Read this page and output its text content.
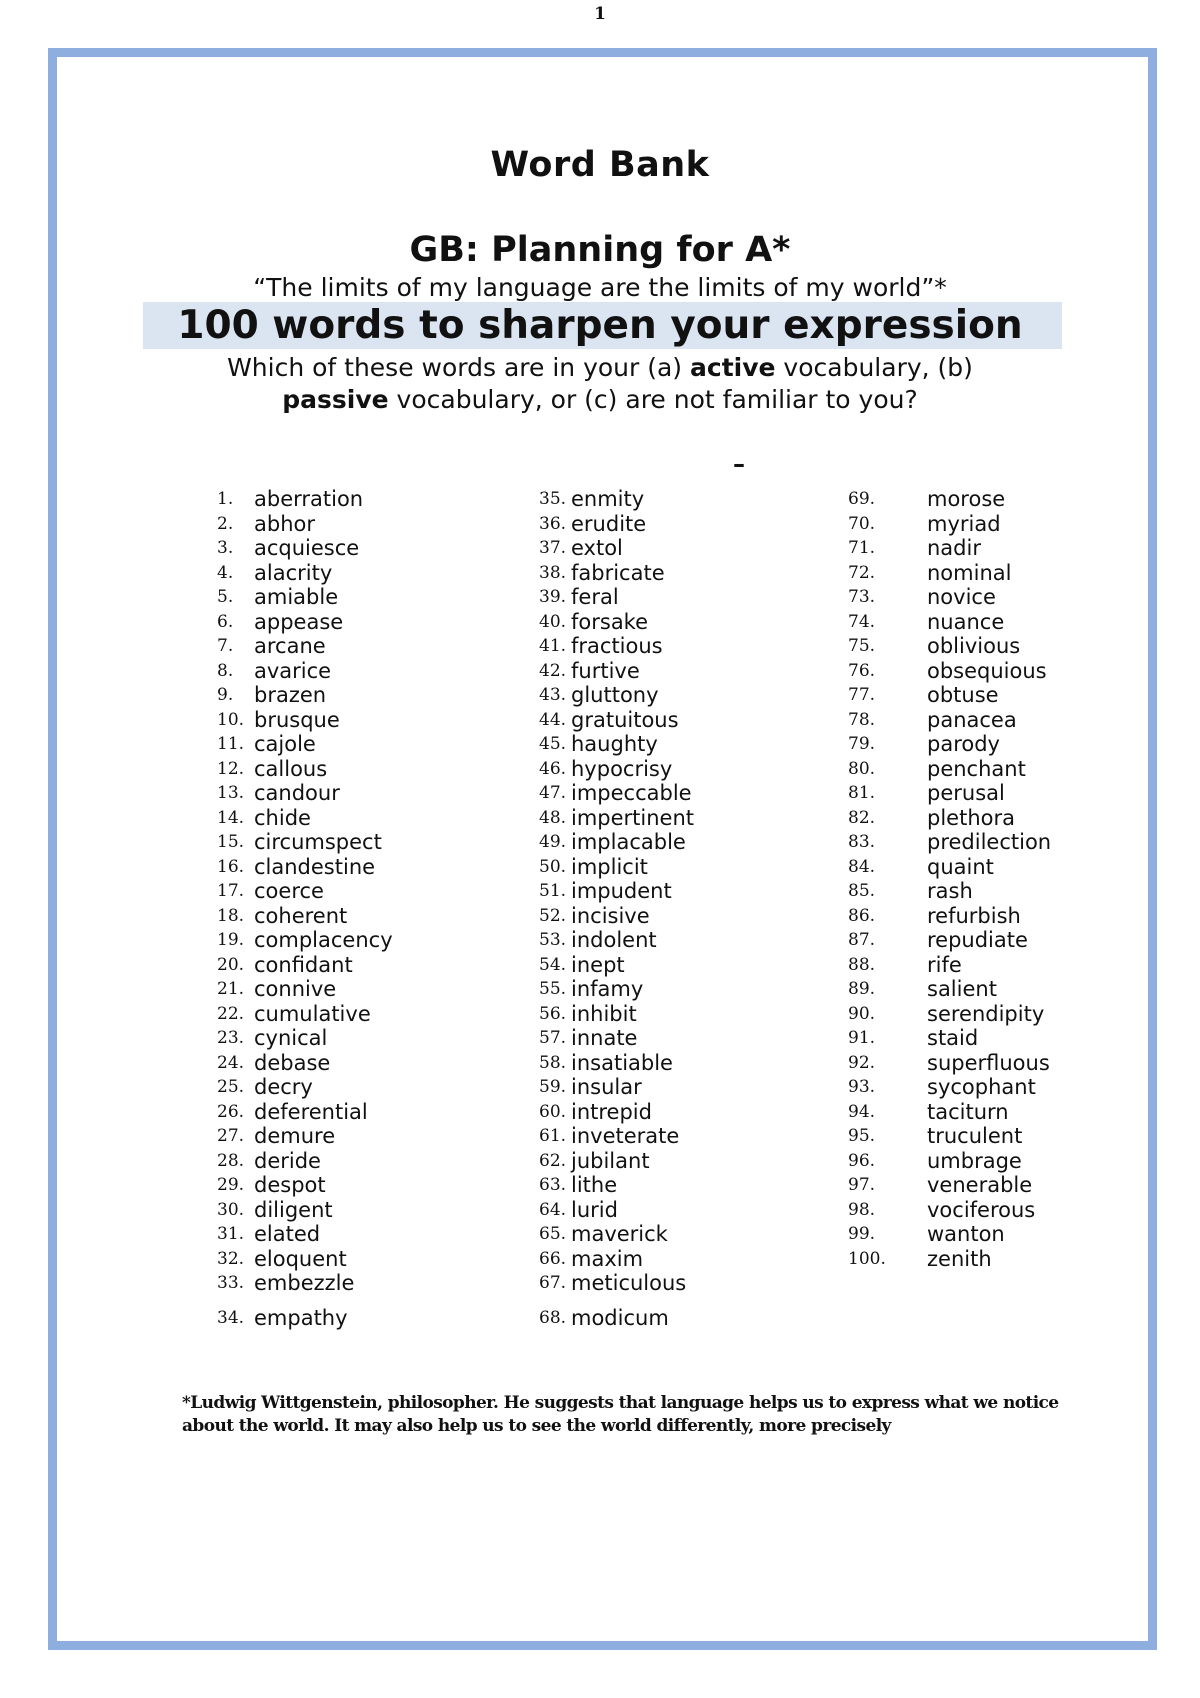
1
Word Bank
GB: Planning for A*
“The limits of my language are the limits of my world”*
100 words to sharpen your expression
Which of these words are in your (a) active vocabulary, (b)
passive vocabulary, or (c) are not familiar to you?
–
1. aberration
2. abhor
3. acquiesce
4. alacrity
5. amiable
6. appease
7. arcane
8. avarice
9. brazen
10. brusque
11. cajole
12. callous
13. candour
14. chide
15. circumspect
16. clandestine
17. coerce
18. coherent
19. complacency
20. confidant
21. connive
22. cumulative
23. cynical
24. debase
25. decry
26. deferential
27. demure
28. deride
29. despot
30. diligent
31. elated
32. eloquent
33. embezzle
34. empathy
35. enmity
36. erudite
37. extol
38. fabricate
39. feral
40. forsake
41. fractious
42. furtive
43. gluttony
44. gratuitous
45. haughty
46. hypocrisy
47. impeccable
48. impertinent
49. implacable
50. implicit
51. impudent
52. incisive
53. indolent
54. inept
55. infamy
56. inhibit
57. innate
58. insatiable
59. insular
60. intrepid
61. inveterate
62. jubilant
63. lithe
64. lurid
65. maverick
66. maxim
67. meticulous
68. modicum
69. morose
70. myriad
71. nadir
72. nominal
73. novice
74. nuance
75. oblivious
76. obsequious
77. obtuse
78. panacea
79. parody
80. penchant
81. perusal
82. plethora
83. predilection
84. quaint
85. rash
86. refurbish
87. repudiate
88. rife
89. salient
90. serendipity
91. staid
92. superfluous
93. sycophant
94. taciturn
95. truculent
96. umbrage
97. venerable
98. vociferous
99. wanton
100. zenith
*Ludwig Wittgenstein, philosopher. He suggests that language helps us to express what we notice about the world. It may also help us to see the world differently, more precisely
